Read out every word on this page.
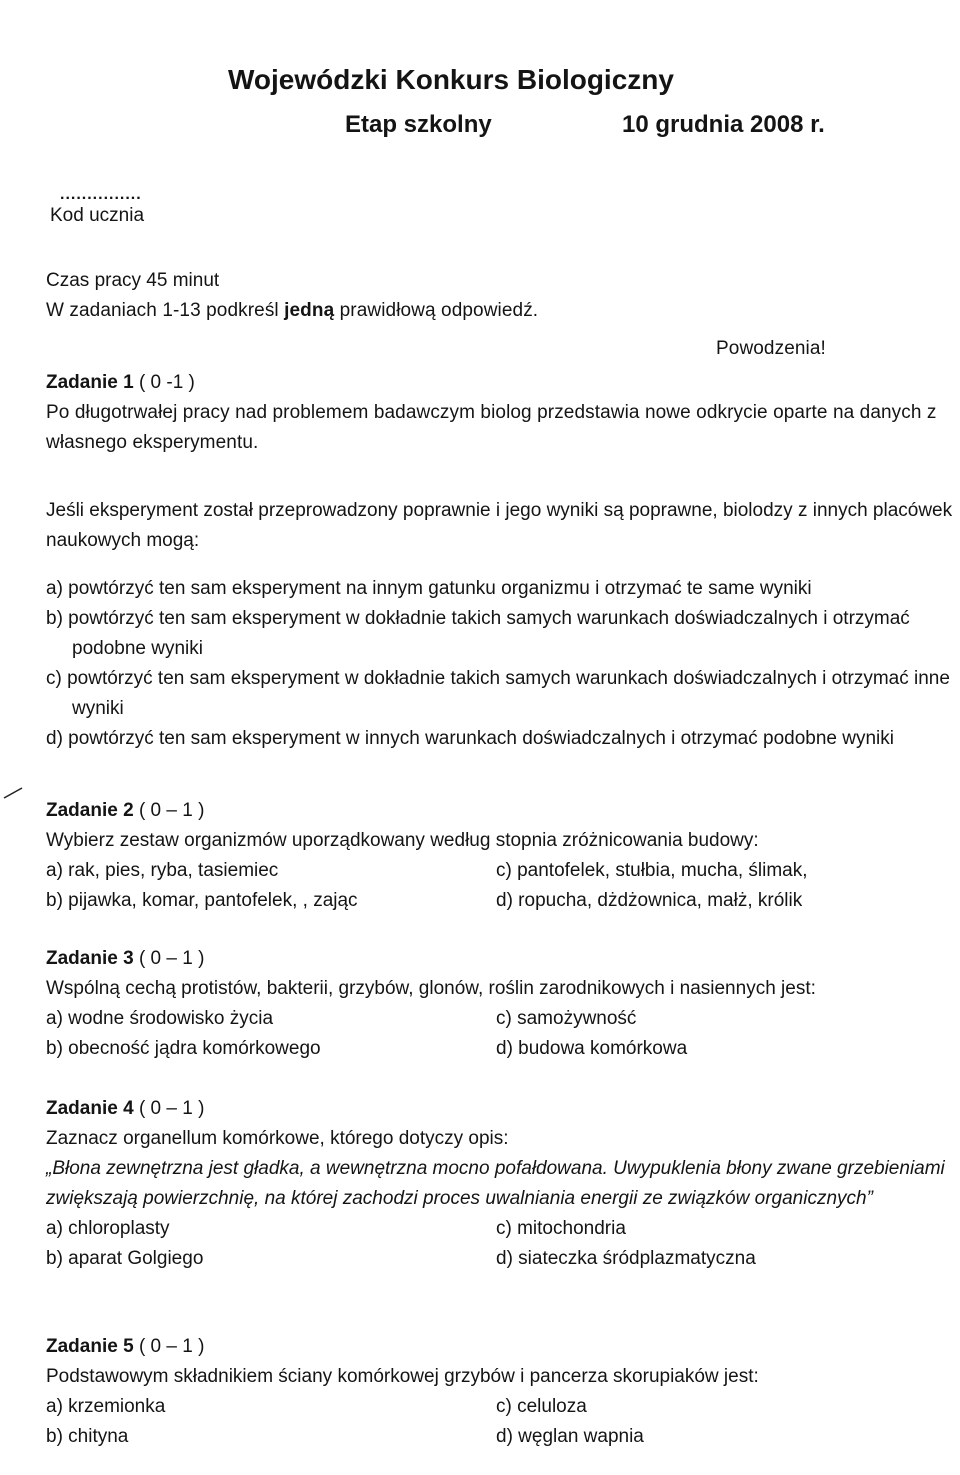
Wojewódzki Konkurs Biologiczny
Etap szkolny	10 grudnia 2008 r.
...............
Kod ucznia
Czas pracy 45 minut
W zadaniach 1-13 podkreśl jedną prawidłową odpowiedź.
Powodzenia!
Zadanie 1 ( 0 -1 )

Po długotrwałej pracy nad problemem badawczym biolog przedstawia nowe odkrycie oparte na danych z własnego eksperymentu.

Jeśli eksperyment został przeprowadzony poprawnie i jego wyniki są poprawne, biolodzy z innych placówek naukowych mogą:

a) powtórzyć ten sam eksperyment na innym gatunku organizmu i otrzymać te same wyniki

b) powtórzyć ten sam eksperyment w dokładnie takich samych warunkach doświadczalnych i otrzymać podobne wyniki

c) powtórzyć ten sam eksperyment w dokładnie takich samych warunkach doświadczalnych i otrzymać inne wyniki

d) powtórzyć ten sam eksperyment w innych warunkach doświadczalnych i otrzymać podobne wyniki

Zadanie 2 ( 0 – 1 )

Wybierz zestaw organizmów uporządkowany według stopnia zróżnicowania budowy:

a) rak, pies, ryba, tasiemiec	c) pantofelek, stułbia, mucha, ślimak,

b) pijawka, komar, pantofelek, , zając	d) ropucha, dżdżownica, małż, królik

Zadanie 3 ( 0 – 1 )

Wspólną cechą protistów, bakterii, grzybów, glonów, roślin zarodnikowych i nasiennych jest:

a) wodne środowisko życia	c) samożywność

b) obecność jądra komórkowego	d) budowa komórkowa

Zadanie 4 ( 0 – 1 )

Zaznacz organellum komórkowe, którego dotyczy opis:

„Błona zewnętrzna jest gładka, a wewnętrzna mocno pofałdowana. Uwypuklenia błony zwane grzebieniami zwiększają powierzchnię, na której zachodzi proces uwalniania energii ze związków organicznych”

a) chloroplasty	c) mitochondria

b) aparat Golgiego	d) siateczka śródplazmatyczna

Zadanie 5 ( 0 – 1 )

Podstawowym składnikiem ściany komórkowej grzybów i pancerza skorupiaków jest:

a) krzemionka	c) celuloza

b) chityna	d) węglan wapnia
